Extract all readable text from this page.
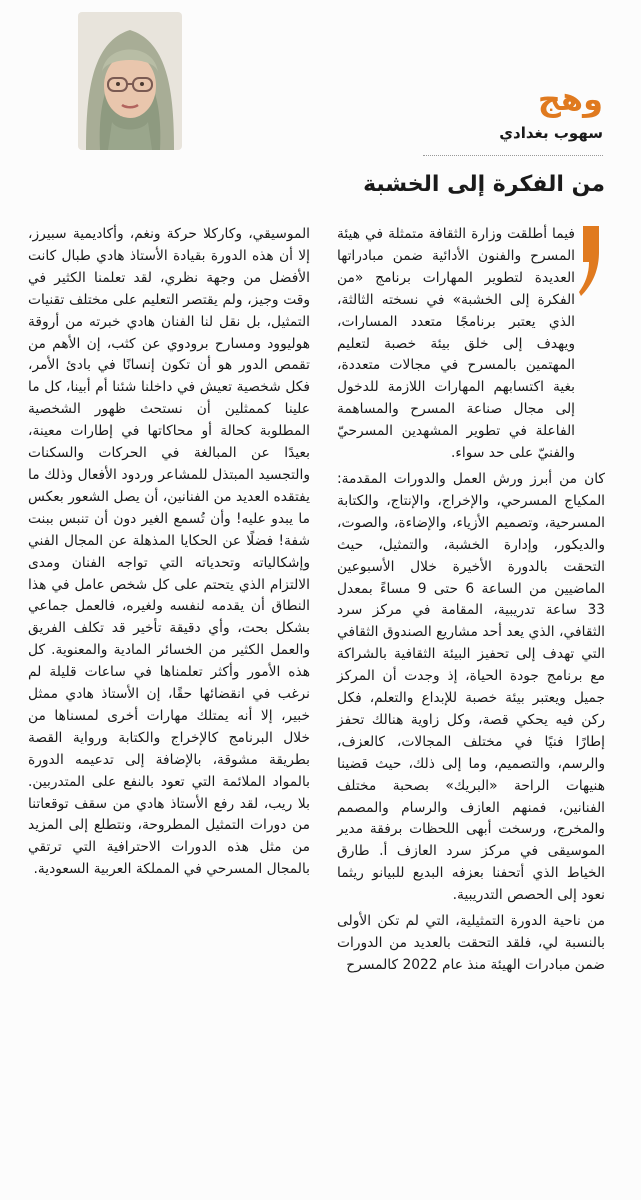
وهج
سهوب بغدادي
من الفكرة إلى الخشبة

فيما أطلقت وزارة الثقافة متمثلة في هيئة المسرح والفنون الأدائية ضمن مبادراتها العديدة لتطوير المهارات برنامج «من الفكرة إلى الخشبة» في نسخته الثالثة، الذي يعتبر برنامجًا متعدد المسارات، ويهدف إلى خلق بيئة خصبة لتعليم المهتمين بالمسرح في مجالات متعددة، بغية اكتسابهم المهارات اللازمة للدخول إلى مجال صناعة المسرح والمساهمة الفاعلة في تطوير المشهدين المسرحيّ والفنيّ على حد سواء.

كان من أبرز ورش العمل والدورات المقدمة: المكياج المسرحي، والإخراج، والإنتاج، والكتابة المسرحية، وتصميم الأزياء، والإضاءة، والصوت، والديكور، وإدارة الخشبة، والتمثيل، حيث التحقت بالدورة الأخيرة خلال الأسبوعين الماضيين من الساعة 6 حتى 9 مساءً بمعدل 33 ساعة تدريبية، المقامة في مركز سرد الثقافي، الذي يعد أحد مشاريع الصندوق الثقافي التي تهدف إلى تحفيز البيئة الثقافية بالشراكة مع برنامج جودة الحياة، إذ وجدت أن المركز جميل ويعتبر بيئة خصبة للإبداع والتعلم، فكل ركن فيه يحكي قصة، وكل زاوية هنالك تحفز إطارًا فنيًا في مختلف المجالات، كالعزف، والرسم، والتصميم، وما إلى ذلك، حيث قضينا هنيهات الراحة «البريك» بصحبة مختلف الفنانين، فمنهم العازف والرسام والمصمم والمخرج، ورسخت أبهى اللحظات برفقة مدير الموسيقى في مركز سرد العازف أ. طارق الخياط الذي أتحفنا بعزفه البديع للبيانو ريثما نعود إلى الحصص التدريبية.

من ناحية الدورة التمثيلية، التي لم تكن الأولى بالنسبة لي، فلقد التحقت بالعديد من الدورات ضمن مبادرات الهيئة منذ عام 2022 كالمسرح

الموسيقي، وكاركلا حركة ونغم، وأكاديمية سبيرز، إلا أن هذه الدورة بقيادة الأستاذ هادي طبال كانت الأفضل من وجهة نظري، لقد تعلمنا الكثير في وقت وجيز، ولم يقتصر التعليم على مختلف تقنيات التمثيل، بل نقل لنا الفنان هادي خبرته من أروقة هوليوود ومسارح برودوي عن كثب، إن الأهم من تقمص الدور هو أن تكون إنسانًا في بادئ الأمر، فكل شخصية تعيش في داخلنا شئنا أم أبينا، كل ما علينا كممثلين أن نستحث ظهور الشخصية المطلوبة كحالة أو محاكاتها في إطارات معينة، بعيدًا عن المبالغة في الحركات والسكنات والتجسيد المبتذل للمشاعر وردود الأفعال وذلك ما يفتقده العديد من الفنانين، أن يصل الشعور بعكس ما يبدو عليه! وأن تُسمع الغير دون أن تنبس ببنت شفة! فضلًا عن الحكايا المذهلة عن المجال الفني وإشكالياته وتحدياته التي تواجه الفنان ومدى الالتزام الذي يتحتم على كل شخص عامل في هذا النطاق أن يقدمه لنفسه ولغيره، فالعمل جماعي بشكل بحت، وأي دقيقة تأخير قد تكلف الفريق والعمل الكثير من الخسائر المادية والمعنوية. كل هذه الأمور وأكثر تعلمناها في ساعات قليلة لم نرغب في انقضائها حقًا، إن الأستاذ هادي ممثل خبير، إلا أنه يمتلك مهارات أخرى لمسناها من خلال البرنامج كالإخراج والكتابة ورواية القصة بطريقة مشوقة، بالإضافة إلى تدعيمه الدورة بالمواد الملائمة التي تعود بالنفع على المتدربين. بلا ريب، لقد رفع الأستاذ هادي من سقف توقعاتنا من دورات التمثيل المطروحة، ونتطلع إلى المزيد من مثل هذه الدورات الاحترافية التي ترتقي بالمجال المسرحي في المملكة العربية السعودية.
